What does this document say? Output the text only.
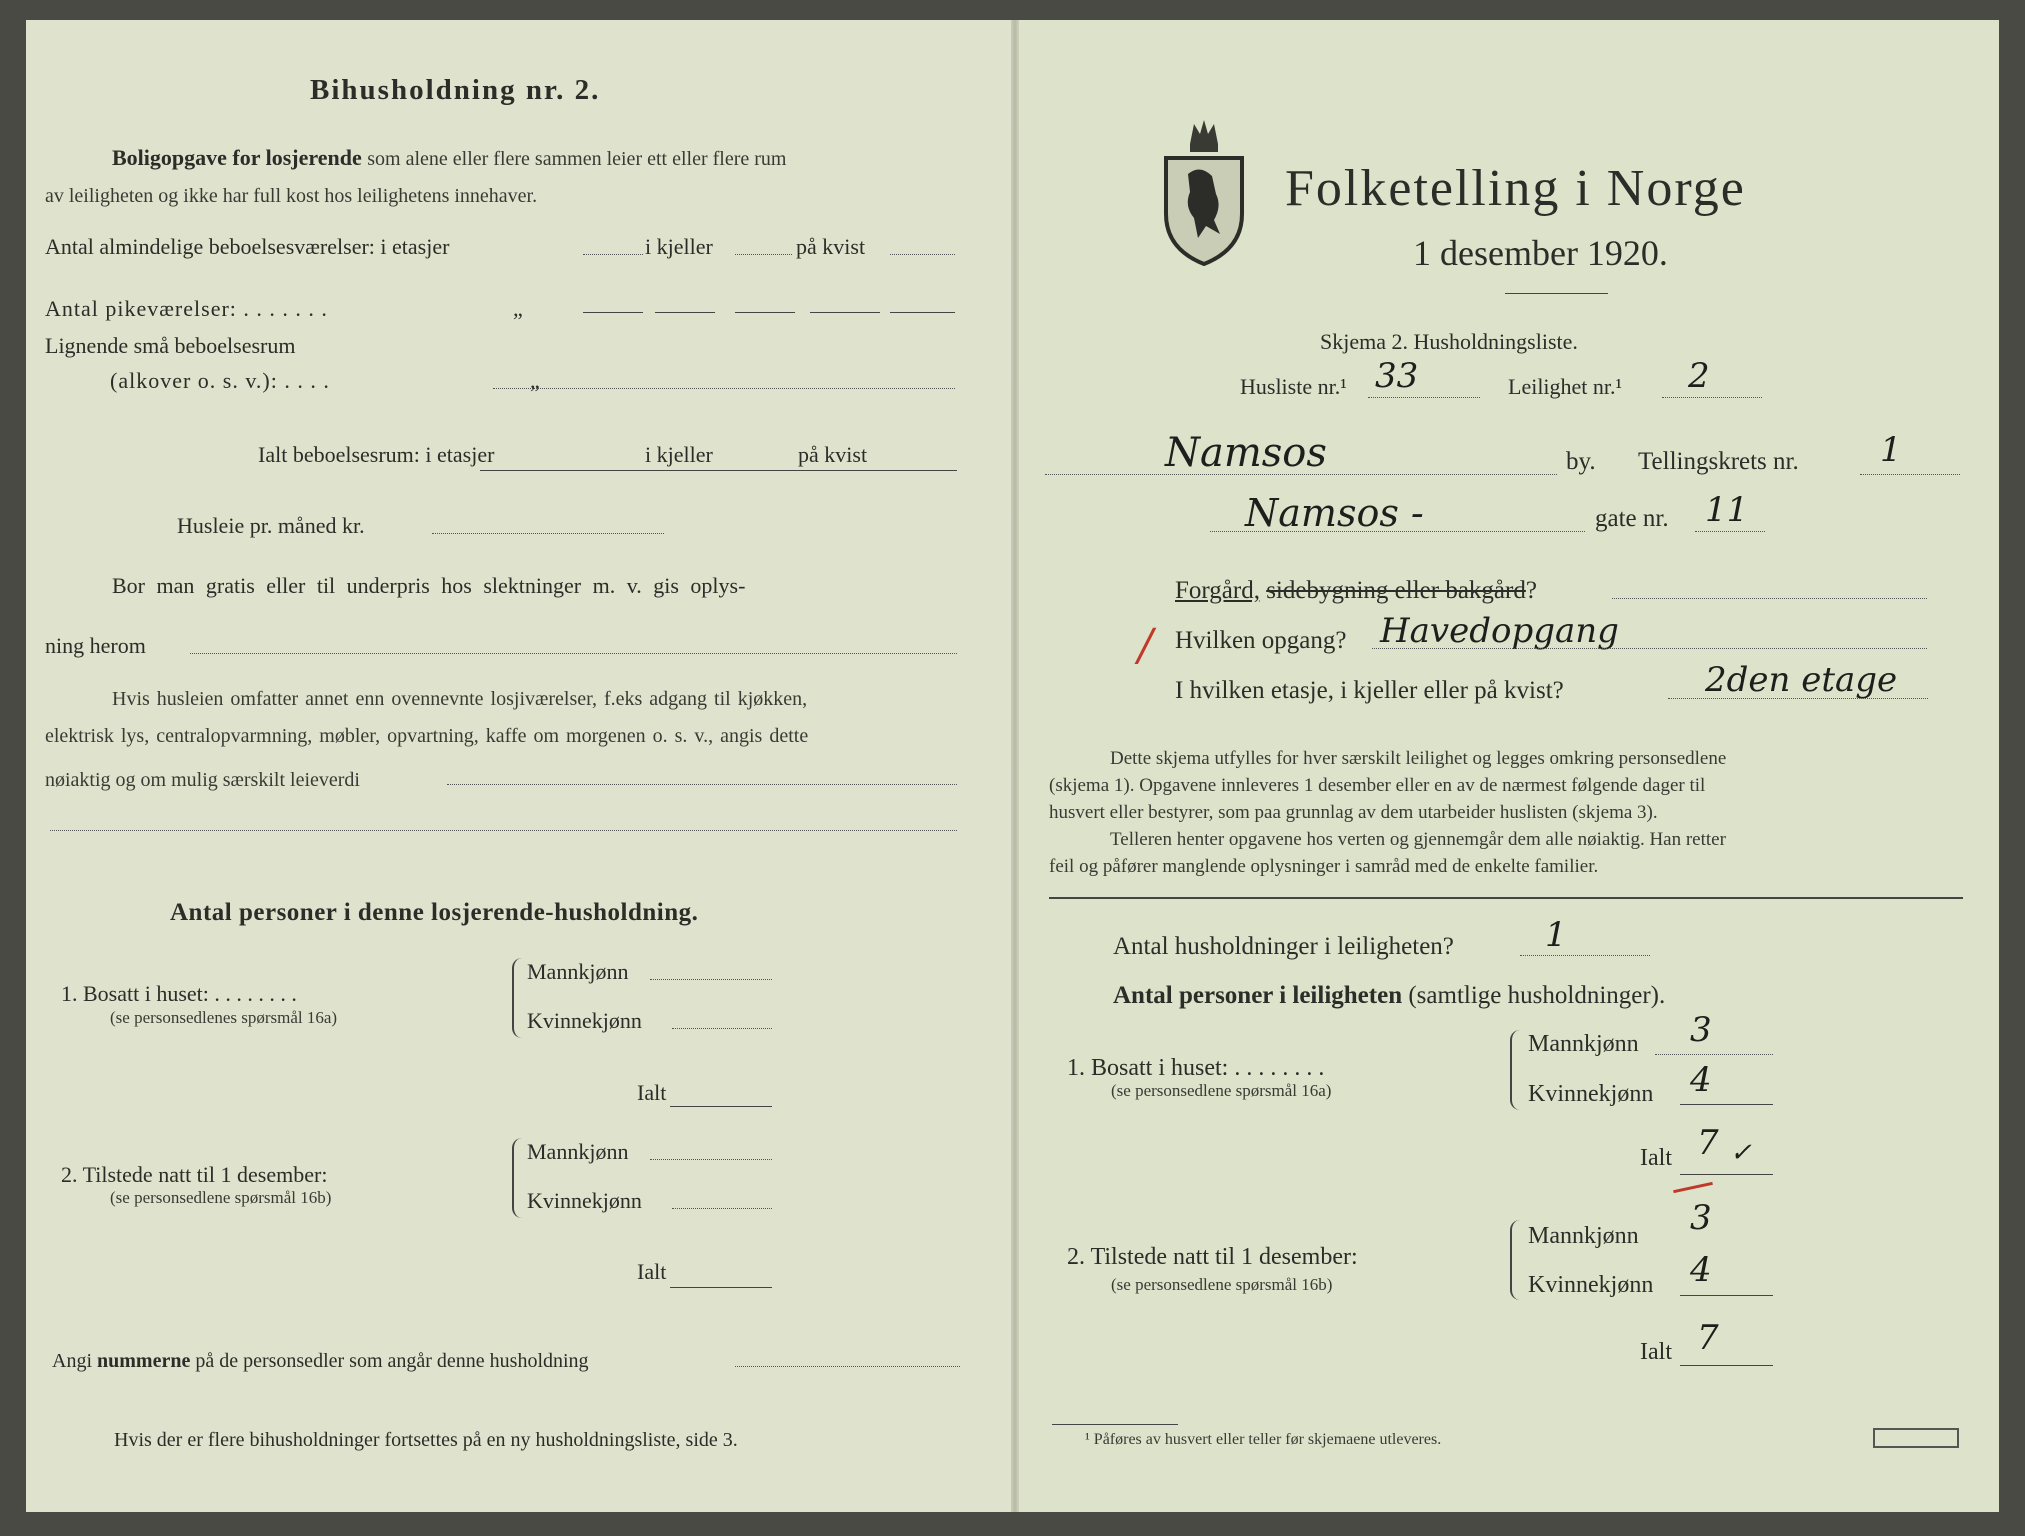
Bihusholdning nr. 2.
Boligopgave for losjerende som alene eller flere sammen leier ett eller flere rum
av leiligheten og ikke har full kost hos leilighetens innehaver.
Antal almindelige beboelsesværelser: i etasjer	i kjeller	på kvist
Antal pikeværelser: . . . . . . .	„
Lignende små beboelsesrum
(alkover o. s. v.): . . . .	„
Ialt beboelsesrum: i etasjer	i kjeller	på kvist
Husleie pr. måned kr.
Bor man gratis eller til underpris hos slektninger m. v. gis oplys-
ning herom
Hvis husleien omfatter annet enn ovennevnte losjiværelser, f.eks adgang til kjøkken,
elektrisk lys, centralopvarmning, møbler, opvartning, kaffe om morgenen o. s. v., angis dette
nøiaktig og om mulig særskilt leieverdi
Antal personer i denne losjerende-husholdning.
1. Bosatt i huset: . . . . . . . .
(se personsedlenes spørsmål 16a)
Mannkjønn
Kvinnekjønn
Ialt
2. Tilstede natt til 1 desember:
(se personsedlene spørsmål 16b)
Mannkjønn
Kvinnekjønn
Ialt
Angi nummerne på de personsedler som angår denne husholdning
Hvis der er flere bihusholdninger fortsettes på en ny husholdningsliste, side 3.
Folketelling i Norge
1 desember 1920.
Skjema 2. Husholdningsliste.
Husliste nr.¹ 33	Leilighet nr.¹ 2
Namsos	by. Tellingskrets nr. 1
Namsos -	gate nr. 11
Forgård, sidebygning eller bakgård?
/ Hvilken opgang? Havedopgang
I hvilken etasje, i kjeller eller på kvist?	2den etage
Dette skjema utfylles for hver særskilt leilighet og legges omkring personsedlene
(skjema 1). Opgavene innleveres 1 desember eller en av de nærmest følgende dager til
husvert eller bestyrer, som paa grunnlag av dem utarbeider huslisten (skjema 3).
Telleren henter opgavene hos verten og gjennemgår dem alle nøiaktig. Han retter
feil og påfører manglende oplysninger i samråd med de enkelte familier.
Antal husholdninger i leiligheten?	1
Antal personer i leiligheten (samtlige husholdninger).
1. Bosatt i huset: . . . . . . . .
(se personsedlene spørsmål 16a)
Mannkjønn 3
Kvinnekjønn 4
Ialt 7 ✓
2. Tilstede natt til 1 desember:
(se personsedlene spørsmål 16b)
Mannkjønn 3
Kvinnekjønn 4
Ialt 7
¹ Påføres av husvert eller teller før skjemaene utleveres.
